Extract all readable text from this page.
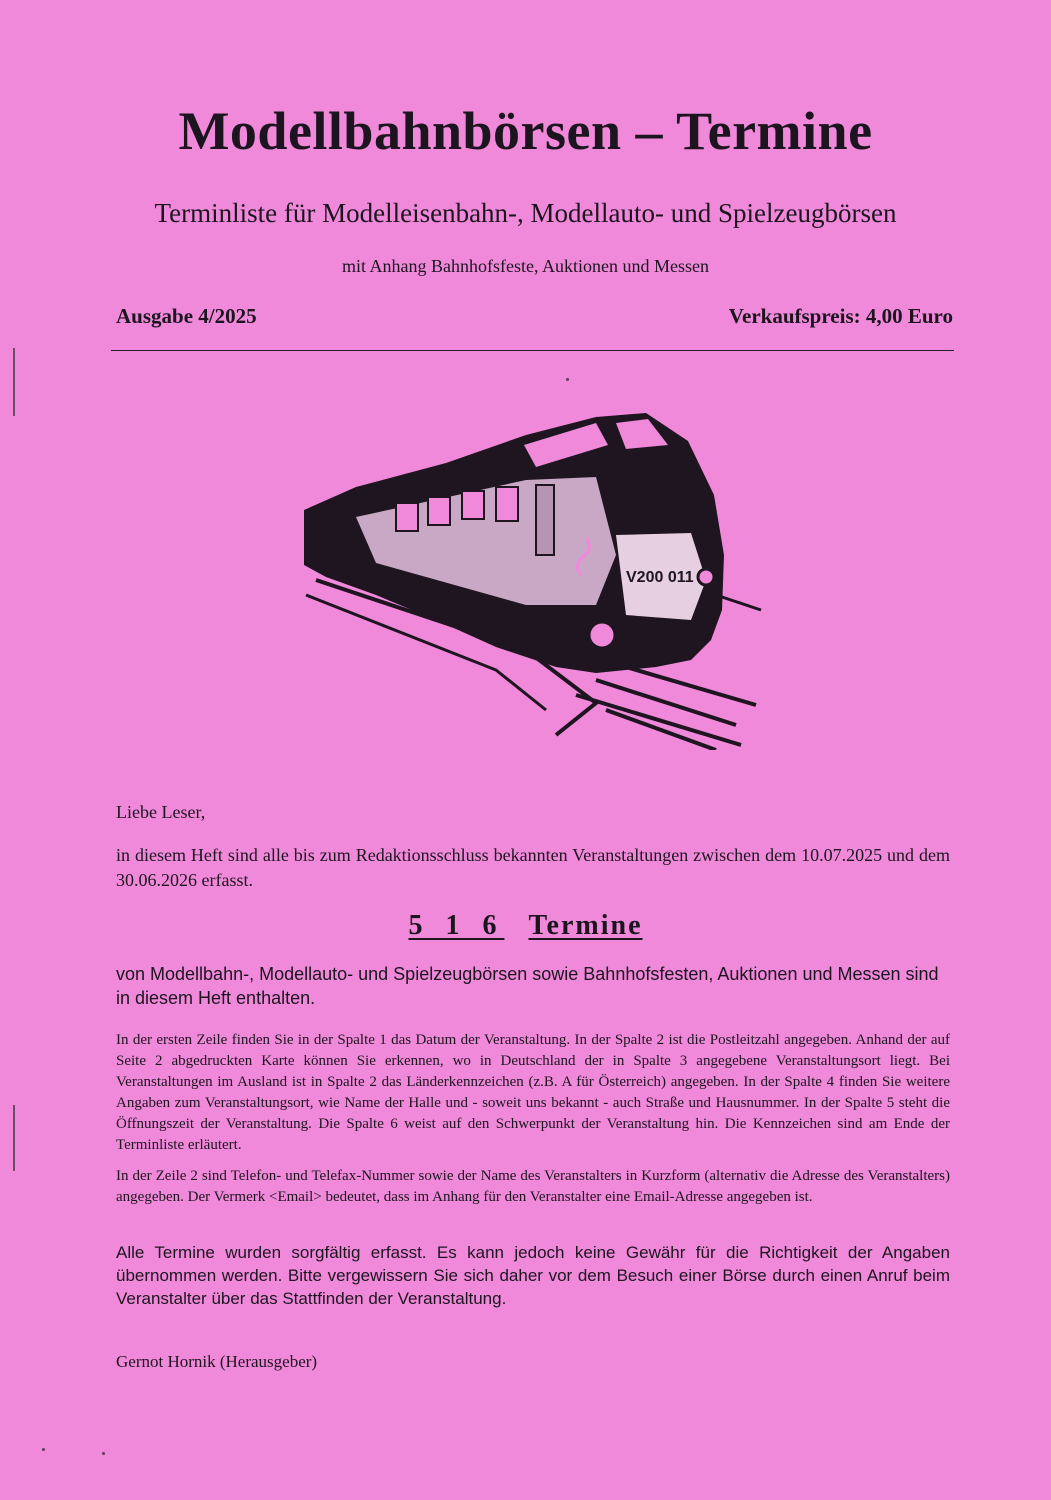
Modellbahnbörsen – Termine
Terminliste für Modelleisenbahn-, Modellauto- und Spielzeugbörsen
mit Anhang Bahnhofsfeste, Auktionen und Messen
Ausgabe 4/2025	Verkaufspreis: 4,00 Euro
V200 011
Liebe Leser,
in diesem Heft sind alle bis zum Redaktionsschluss bekannten Veranstaltungen zwischen dem 10.07.2025 und dem 30.06.2026 erfasst.
5 1 6 Termine
von Modellbahn-, Modellauto- und Spielzeugbörsen sowie Bahnhofsfesten, Auktionen und Messen sind in diesem Heft enthalten.
In der ersten Zeile finden Sie in der Spalte 1 das Datum der Veranstaltung. In der Spalte 2 ist die Postleitzahl angegeben. Anhand der auf Seite 2 abgedruckten Karte können Sie erkennen, wo in Deutschland der in Spalte 3 angegebene Veranstaltungsort liegt. Bei Veranstaltungen im Ausland ist in Spalte 2 das Länderkennzeichen (z.B. A für Österreich) angegeben. In der Spalte 4 finden Sie weitere Angaben zum Veranstaltungsort, wie Name der Halle und - soweit uns bekannt - auch Straße und Hausnummer. In der Spalte 5 steht die Öffnungszeit der Veranstaltung. Die Spalte 6 weist auf den Schwerpunkt der Veranstaltung hin. Die Kennzeichen sind am Ende der Terminliste erläutert.
In der Zeile 2 sind Telefon- und Telefax-Nummer sowie der Name des Veranstalters in Kurzform (alternativ die Adresse des Veranstalters) angegeben. Der Vermerk <Email> bedeutet, dass im Anhang für den Veranstalter eine Email-Adresse angegeben ist.
Alle Termine wurden sorgfältig erfasst. Es kann jedoch keine Gewähr für die Richtigkeit der Angaben übernommen werden. Bitte vergewissern Sie sich daher vor dem Besuch einer Börse durch einen Anruf beim Veranstalter über das Stattfinden der Veranstaltung.
Gernot Hornik (Herausgeber)
